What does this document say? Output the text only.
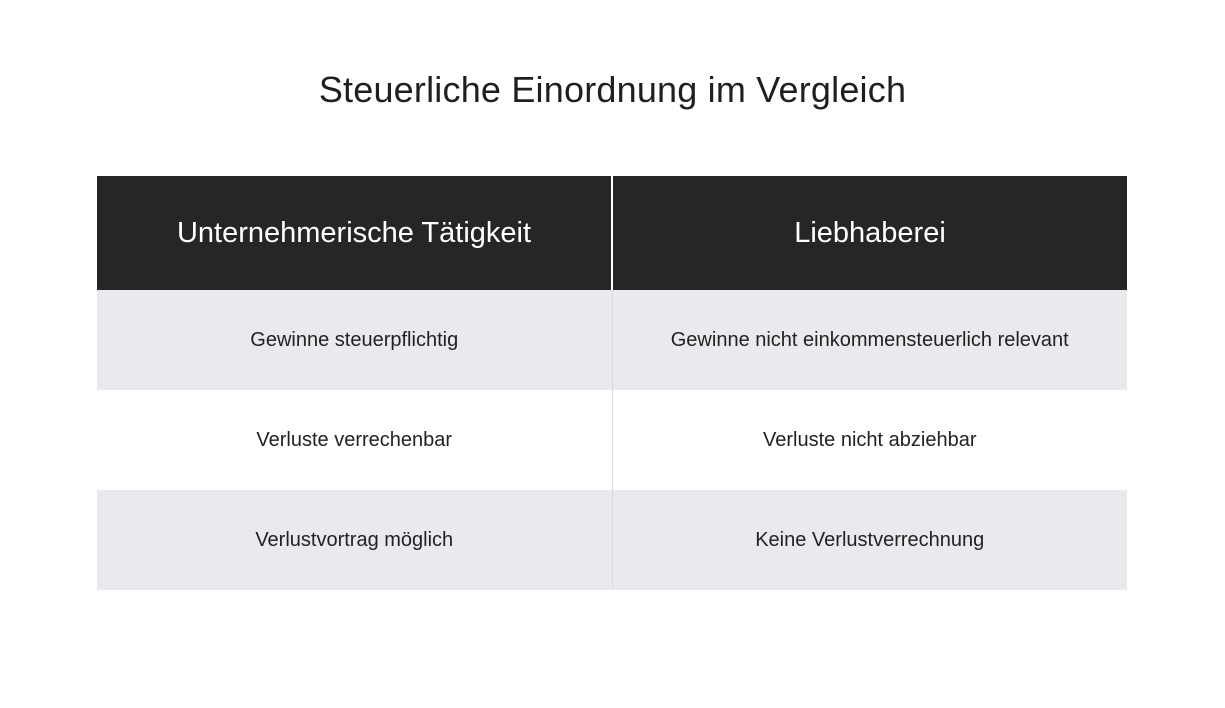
Steuerliche Einordnung im Vergleich
Unternehmerische Tätigkeit	Liebhaberei
Gewinne steuerpflichtig	Gewinne nicht einkommensteuerlich relevant
Verluste verrechenbar	Verluste nicht abziehbar
Verlustvortrag möglich	Keine Verlustverrechnung
